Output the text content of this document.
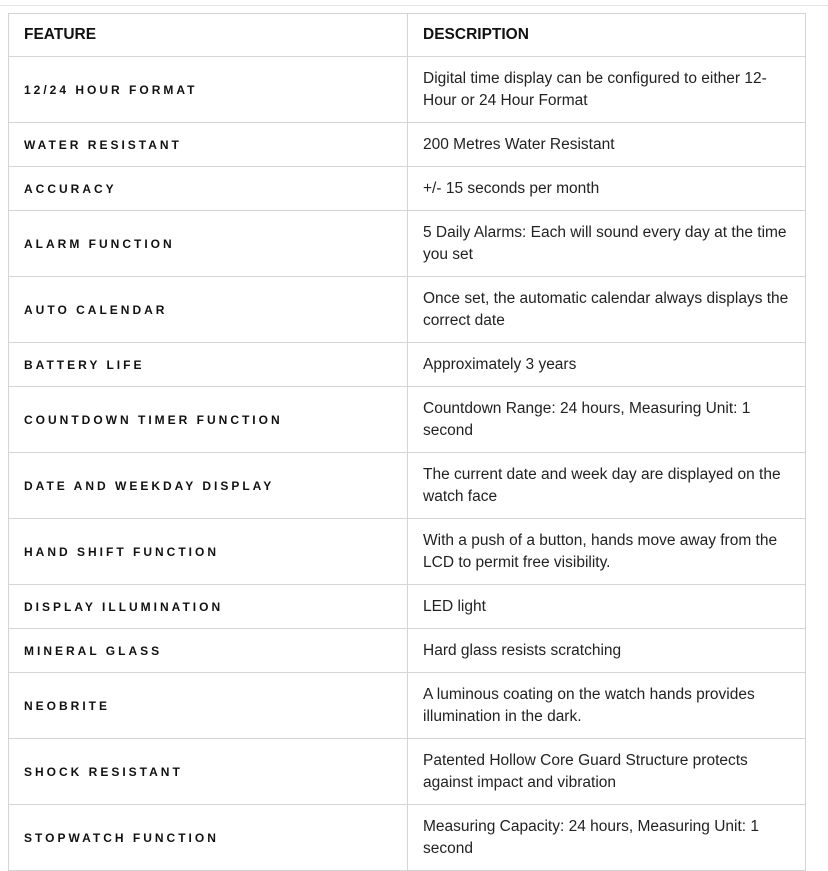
FEATURE	DESCRIPTION
12/24 HOUR FORMAT	Digital time display can be configured to either 12-Hour or 24 Hour Format
WATER RESISTANT	200 Metres Water Resistant
ACCURACY	+/- 15 seconds per month
ALARM FUNCTION	5 Daily Alarms: Each will sound every day at the time you set
AUTO CALENDAR	Once set, the automatic calendar always displays the correct date
BATTERY LIFE	Approximately 3 years
COUNTDOWN TIMER FUNCTION	Countdown Range: 24 hours, Measuring Unit: 1 second
DATE AND WEEKDAY DISPLAY	The current date and week day are displayed on the watch face
HAND SHIFT FUNCTION	With a push of a button, hands move away from the LCD to permit free visibility.
DISPLAY ILLUMINATION	LED light
MINERAL GLASS	Hard glass resists scratching
NEOBRITE	A luminous coating on the watch hands provides illumination in the dark.
SHOCK RESISTANT	Patented Hollow Core Guard Structure protects against impact and vibration
STOPWATCH FUNCTION	Measuring Capacity: 24 hours, Measuring Unit: 1 second
